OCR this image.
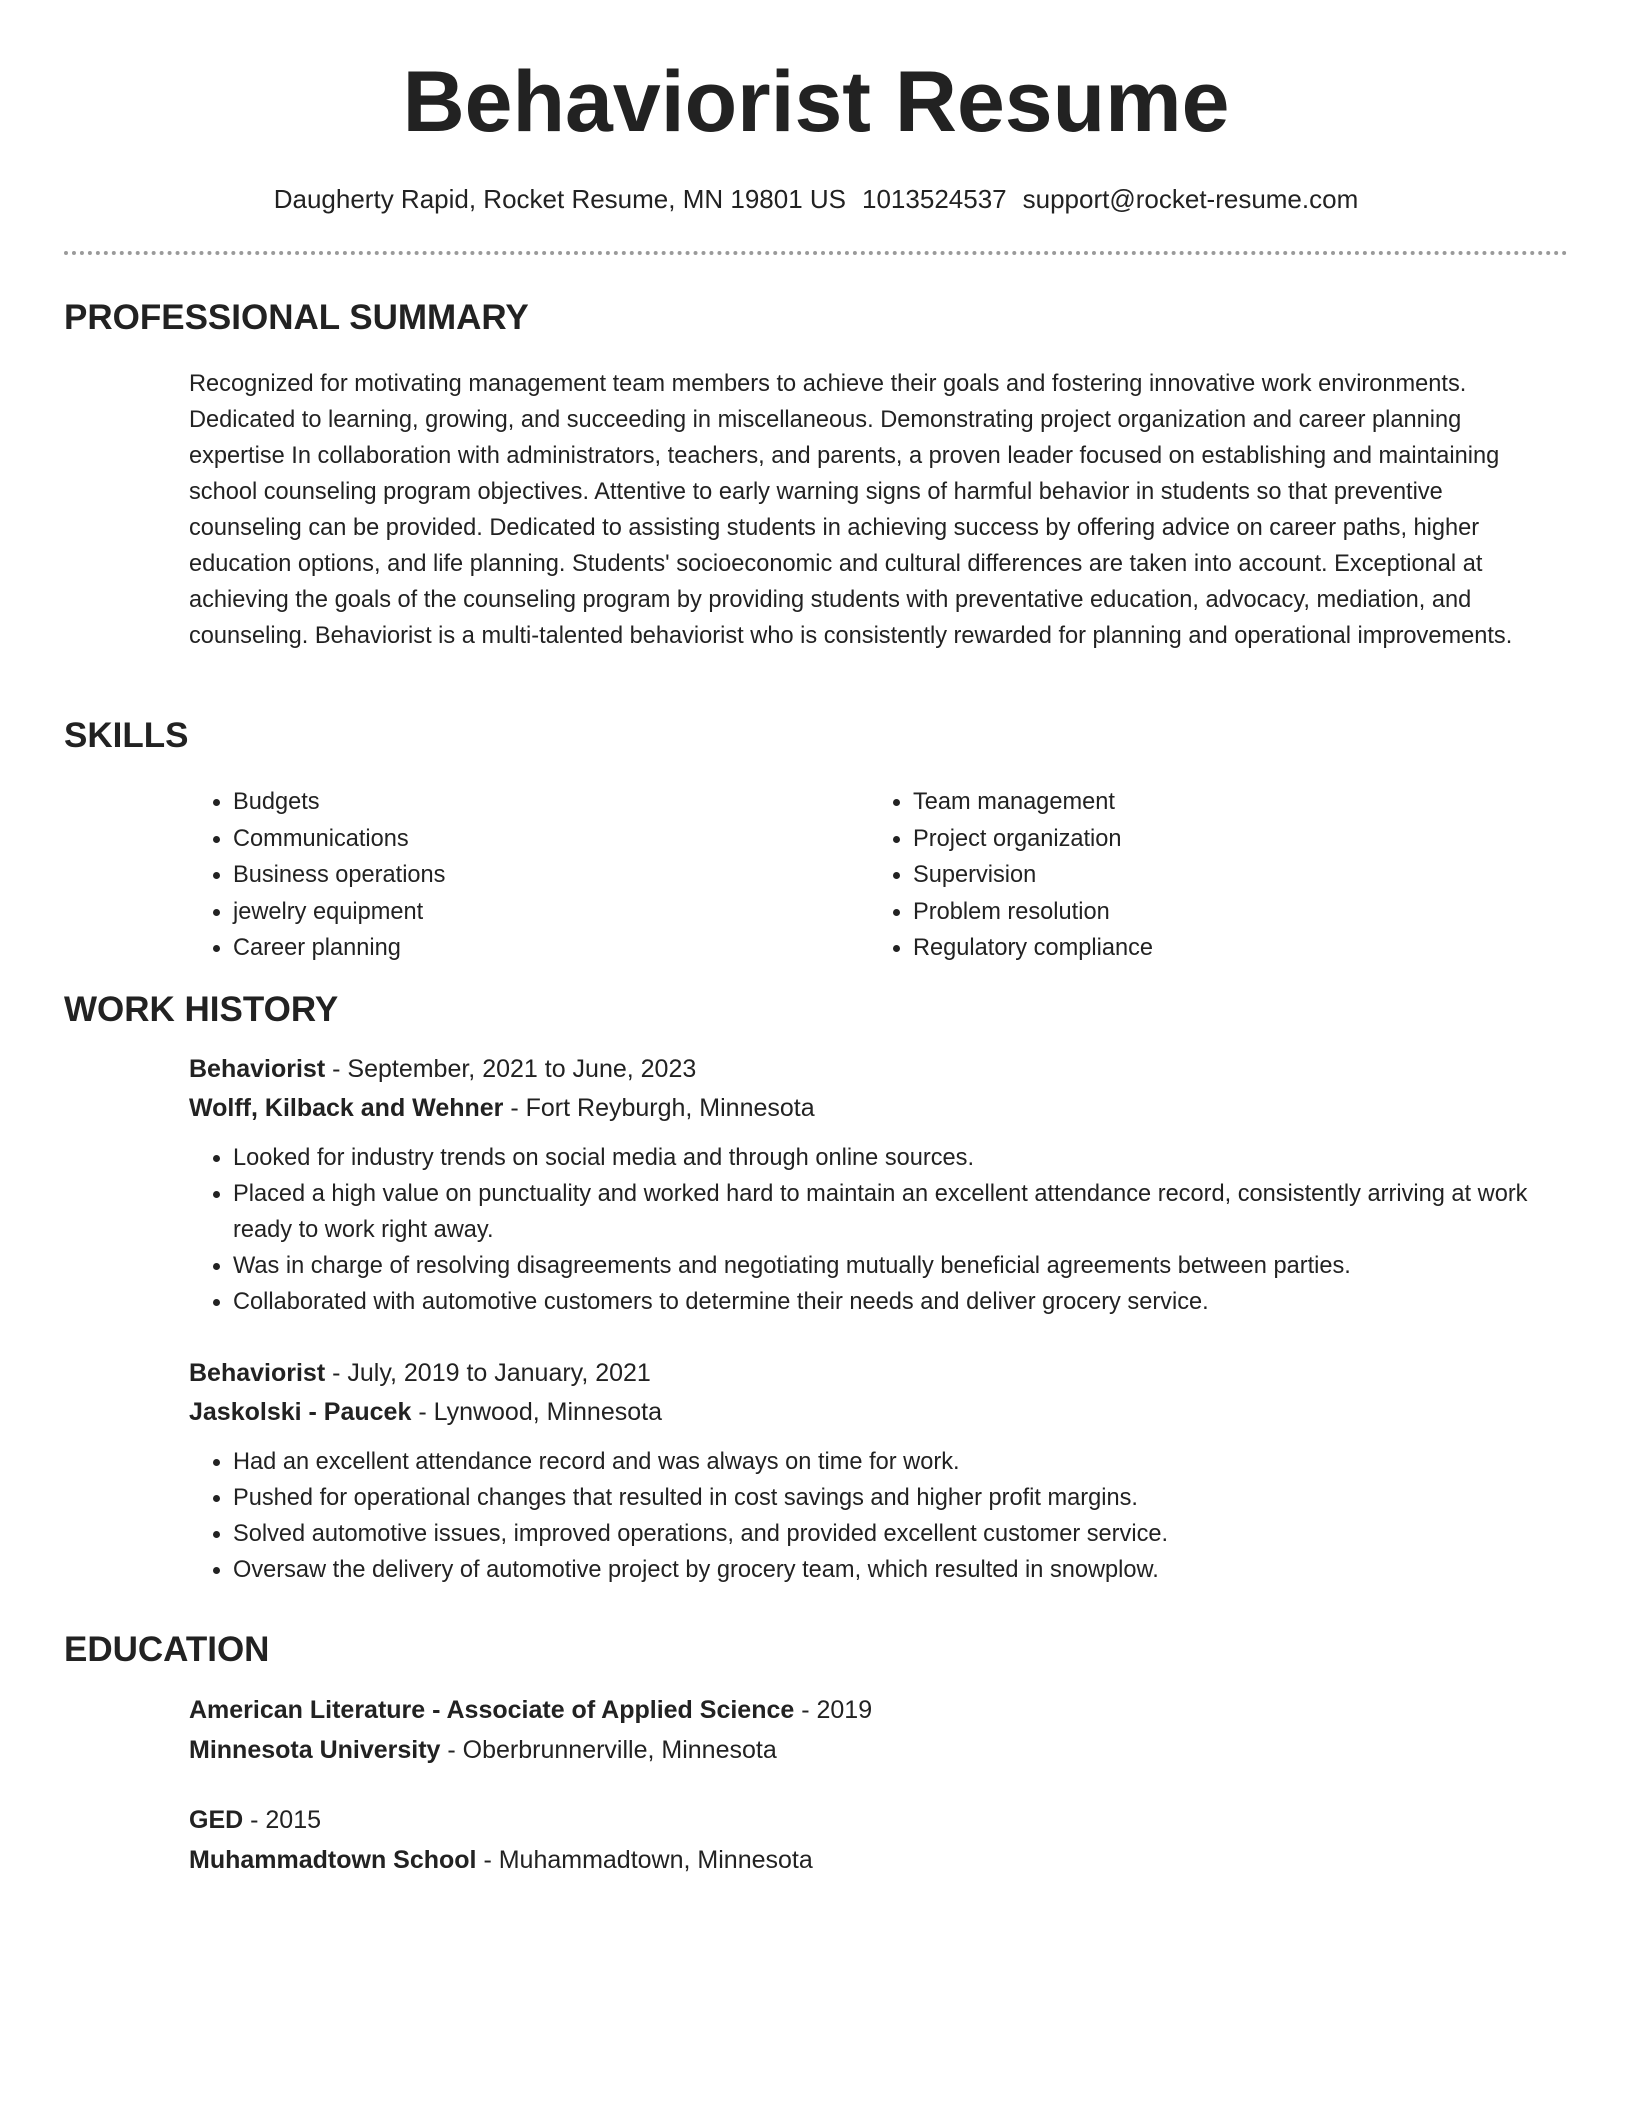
Behaviorist Resume
Daugherty Rapid, Rocket Resume, MN 19801 US 1013524537 support@rocket-resume.com
PROFESSIONAL SUMMARY

Recognized for motivating management team members to achieve their goals and fostering innovative work environments. Dedicated to learning, growing, and succeeding in miscellaneous. Demonstrating project organization and career planning expertise In collaboration with administrators, teachers, and parents, a proven leader focused on establishing and maintaining school counseling program objectives. Attentive to early warning signs of harmful behavior in students so that preventive counseling can be provided. Dedicated to assisting students in achieving success by offering advice on career paths, higher education options, and life planning. Students' socioeconomic and cultural differences are taken into account. Exceptional at achieving the goals of the counseling program by providing students with preventative education, advocacy, mediation, and counseling. Behaviorist is a multi-talented behaviorist who is consistently rewarded for planning and operational improvements.

SKILLS
• Budgets
• Communications
• Business operations
• jewelry equipment
• Career planning
• Team management
• Project organization
• Supervision
• Problem resolution
• Regulatory compliance
WORK HISTORY

Behaviorist - September, 2021 to June, 2023

Wolff, Kilback and Wehner - Fort Reyburgh, Minnesota

• Looked for industry trends on social media and through online sources.
• Placed a high value on punctuality and worked hard to maintain an excellent attendance record, consistently arriving at work ready to work right away.
• Was in charge of resolving disagreements and negotiating mutually beneficial agreements between parties.
• Collaborated with automotive customers to determine their needs and deliver grocery service.

Behaviorist - July, 2019 to January, 2021

Jaskolski - Paucek - Lynwood, Minnesota

• Had an excellent attendance record and was always on time for work.
• Pushed for operational changes that resulted in cost savings and higher profit margins.
• Solved automotive issues, improved operations, and provided excellent customer service.
• Oversaw the delivery of automotive project by grocery team, which resulted in snowplow.
EDUCATION

American Literature - Associate of Applied Science - 2019

Minnesota University - Oberbrunnerville, Minnesota

GED - 2015

Muhammadtown School - Muhammadtown, Minnesota
